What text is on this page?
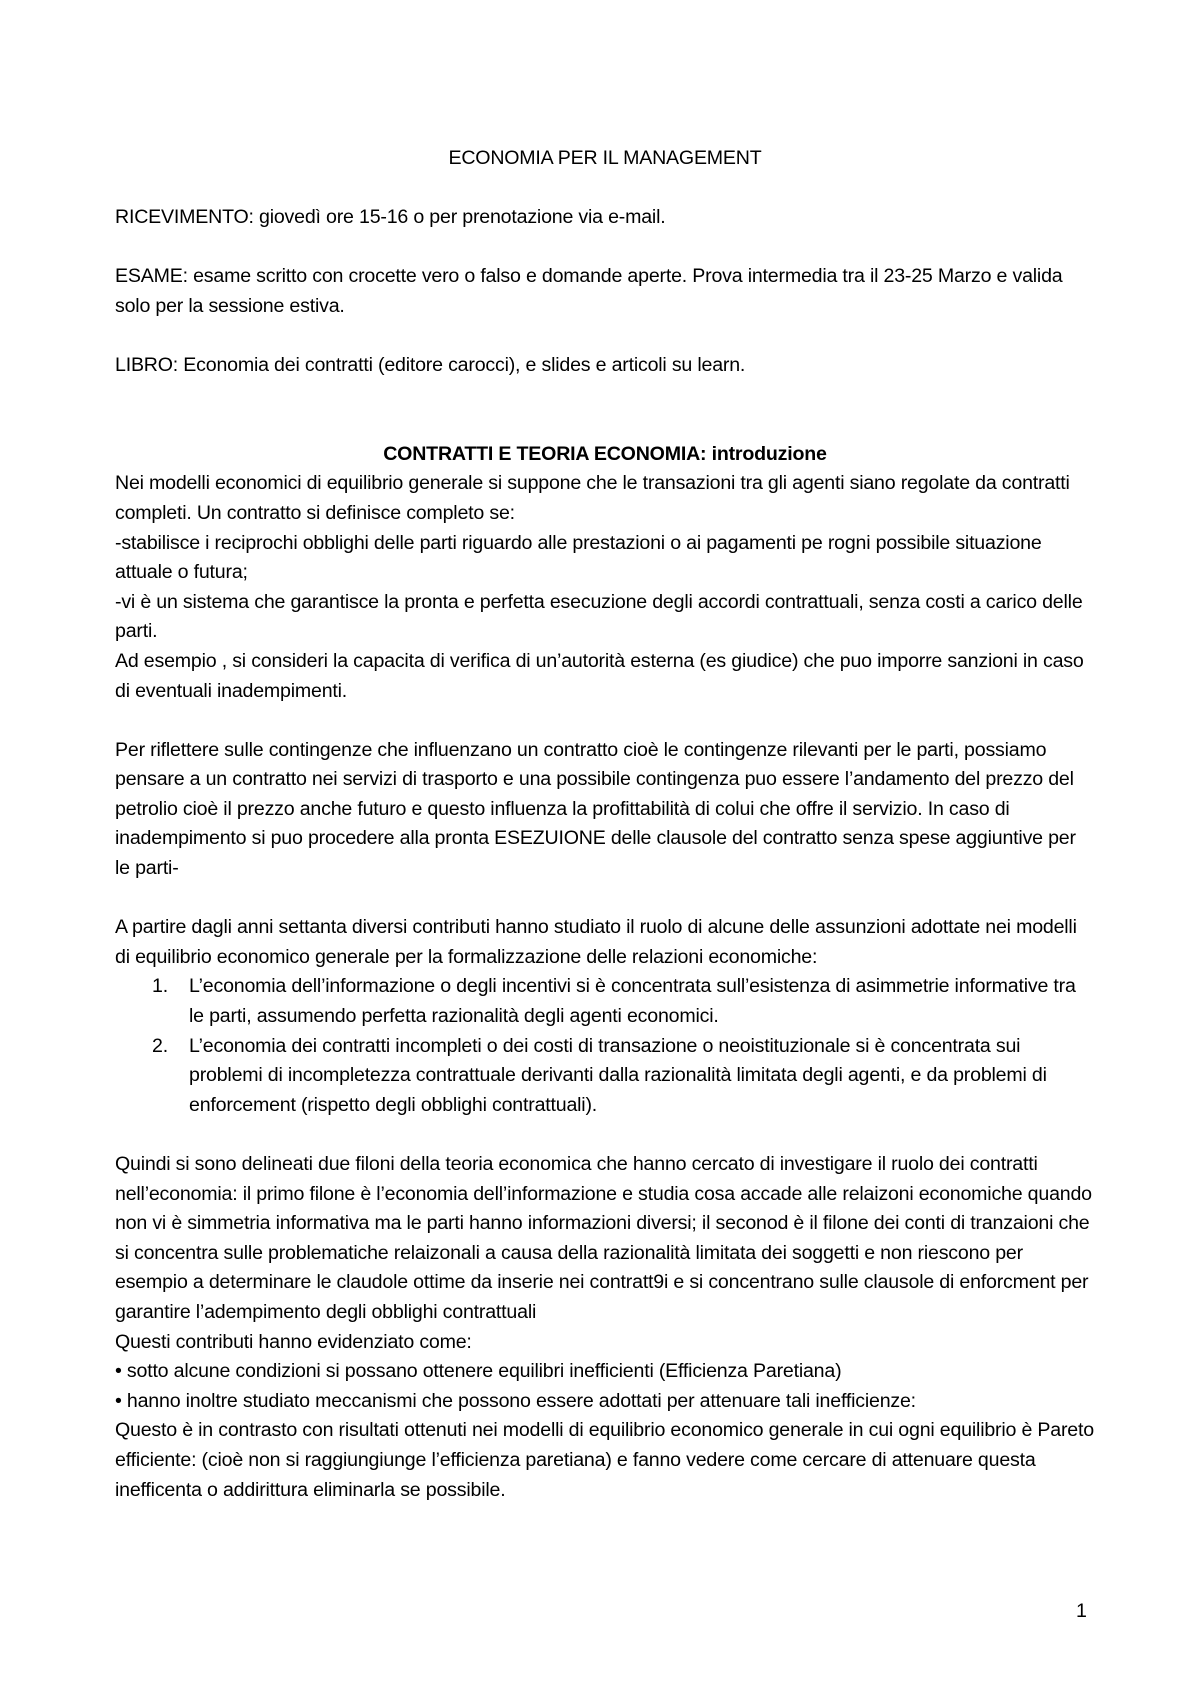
ECONOMIA PER IL MANAGEMENT

RICEVIMENTO: giovedì ore 15-16 o per prenotazione via e-mail.

ESAME: esame scritto con crocette vero o falso e domande aperte. Prova intermedia tra il 23-25 Marzo e valida solo per la sessione estiva.

LIBRO: Economia dei contratti (editore carocci), e slides e articoli su learn.

CONTRATTI E TEORIA ECONOMIA: introduzione

Nei modelli economici di equilibrio generale si suppone che le transazioni tra gli agenti siano regolate da contratti completi. Un contratto si definisce completo se:

-stabilisce i reciprochi obblighi delle parti riguardo alle prestazioni o ai pagamenti pe rogni possibile situazione attuale o futura;

-vi è un sistema che garantisce la pronta e perfetta esecuzione degli accordi contrattuali, senza costi a carico delle parti.

Ad esempio , si consideri la capacita di verifica di un’autorità esterna (es giudice) che puo imporre sanzioni in caso di eventuali inadempimenti.

Per riflettere sulle contingenze che influenzano un contratto cioè le contingenze rilevanti per le parti, possiamo pensare a un contratto nei servizi di trasporto e una possibile contingenza puo essere l’andamento del prezzo del petrolio cioè il prezzo anche futuro e questo influenza la profittabilità di colui che offre il servizio. In caso di inadempimento si puo procedere alla pronta ESEZUIONE delle clausole del contratto senza spese aggiuntive per le parti-

A partire dagli anni settanta diversi contributi hanno studiato il ruolo di alcune delle assunzioni adottate nei modelli di equilibrio economico generale per la formalizzazione delle relazioni economiche:

1. L’economia dell’informazione o degli incentivi si è concentrata sull’esistenza di asimmetrie informative tra le parti, assumendo perfetta razionalità degli agenti economici.
2. L’economia dei contratti incompleti o dei costi di transazione o neoistituzionale si è concentrata sui problemi di incompletezza contrattuale derivanti dalla razionalità limitata degli agenti, e da problemi di enforcement (rispetto degli obblighi contrattuali).

Quindi si sono delineati due filoni della teoria economica che hanno cercato di investigare il ruolo dei contratti nell’economia: il primo filone è l’economia dell’informazione e studia cosa accade alle relaizoni economiche quando non vi è simmetria informativa ma le parti hanno informazioni diversi; il seconod è il filone dei conti di tranzaioni che si concentra sulle problematiche relaizonali a causa della razionalità limitata dei soggetti e non riescono per esempio a determinare le claudole ottime da inserie nei contratt9i e si concentrano sulle clausole di enforcment per garantire l’adempimento degli obblighi contrattuali

Questi contributi hanno evidenziato come:

• sotto alcune condizioni si possano ottenere equilibri inefficienti (Efficienza Paretiana)

• hanno inoltre studiato meccanismi che possono essere adottati per attenuare tali inefficienze:

Questo è in contrasto con risultati ottenuti nei modelli di equilibrio economico generale in cui ogni equilibrio è Pareto efficiente: (cioè non si raggiungiunge l’efficienza paretiana) e fanno vedere come cercare di attenuare questa inefficenta o addirittura eliminarla se possibile.

1
